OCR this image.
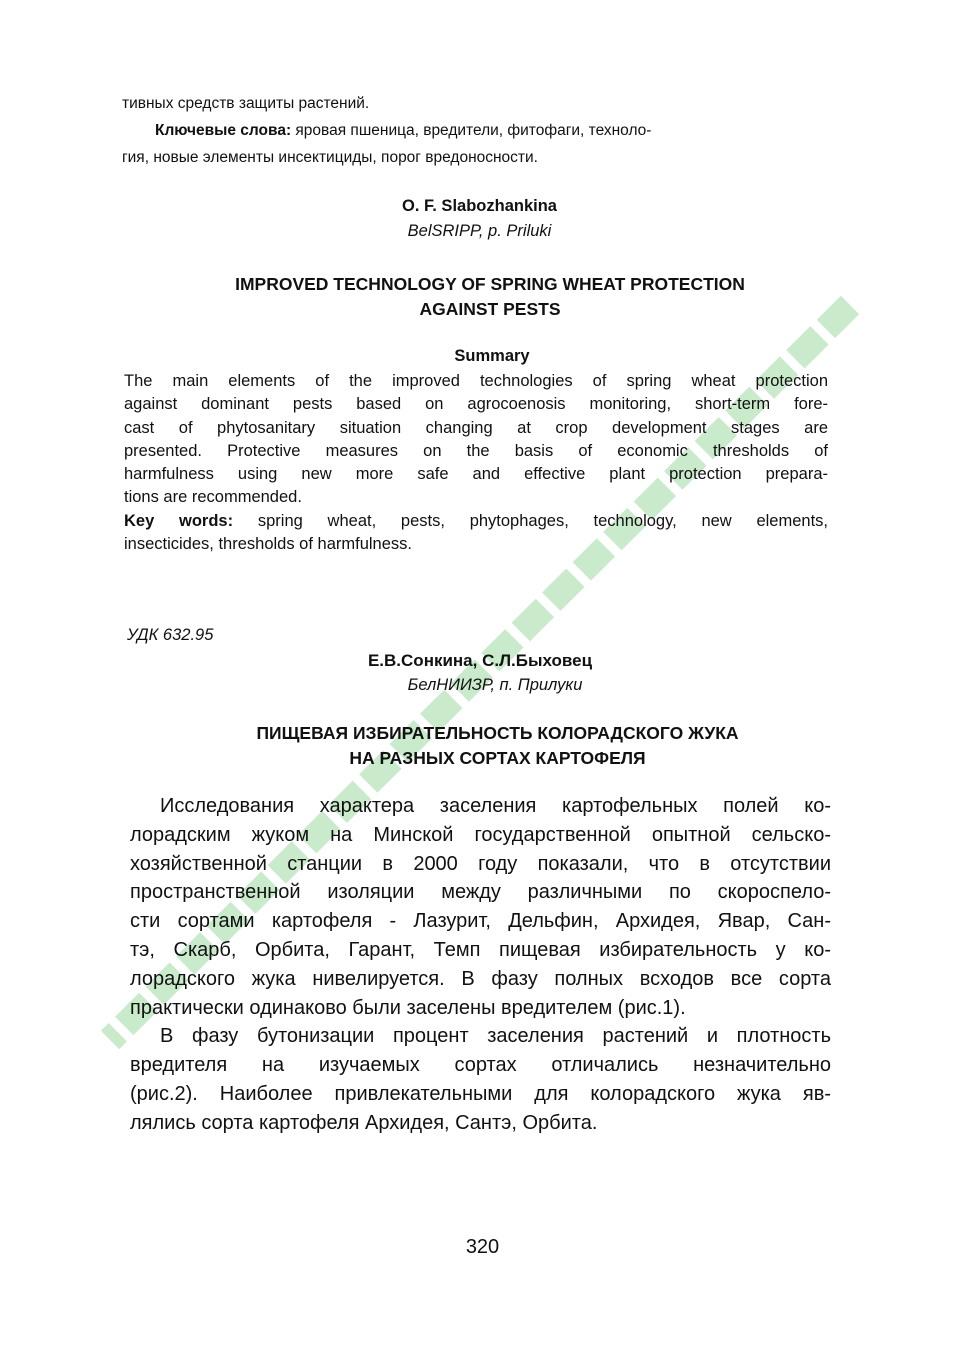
тивных средств защиты растений.
Ключевые слова: яровая пшеница, вредители, фитофаги, техноло-
гия, новые элементы инсектициды, порог вредоносности.
O. F. Slabozhankina
BelSRIPP, p. Priluki
IMPROVED TECHNOLOGY OF SPRING WHEAT PROTECTION
AGAINST PESTS
Summary
The main elements of the improved technologies of spring wheat protection
against dominant pests based on agrocoenosis monitoring, short-term fore-
cast of phytosanitary situation changing at crop development stages are
presented. Protective measures on the basis of economic thresholds of
harmfulness using new more safe and effective plant protection prepara-
tions are recommended.
Key words: spring wheat, pests, phytophages, technology, new elements,
insecticides, thresholds of harmfulness.
УДК 632.95
Е.В.Сонкина, С.Л.Быховец
БелНИИЗР, п. Прилуки
ПИЩЕВАЯ ИЗБИРАТЕЛЬНОСТЬ КОЛОРАДСКОГО ЖУКА
НА РАЗНЫХ СОРТАХ КАРТОФЕЛЯ
Исследования характера заселения картофельных полей ко-
лорадским жуком на Минской государственной опытной сельско-
хозяйственной станции в 2000 году показали, что в отсутствии
пространственной изоляции между различными по скороспело-
сти сортами картофеля - Лазурит, Дельфин, Архидея, Явар, Сан-
тэ, Скарб, Орбита, Гарант, Темп пищевая избирательность у ко-
лорадского жука нивелируется. В фазу полных всходов все сорта
практически одинаково были заселены вредителем (рис.1).
В фазу бутонизации процент заселения растений и плотность
вредителя на изучаемых сортах отличались незначительно
(рис.2). Наиболее привлекательными для колорадского жука яв-
лялись сорта картофеля Архидея, Сантэ, Орбита.
320
